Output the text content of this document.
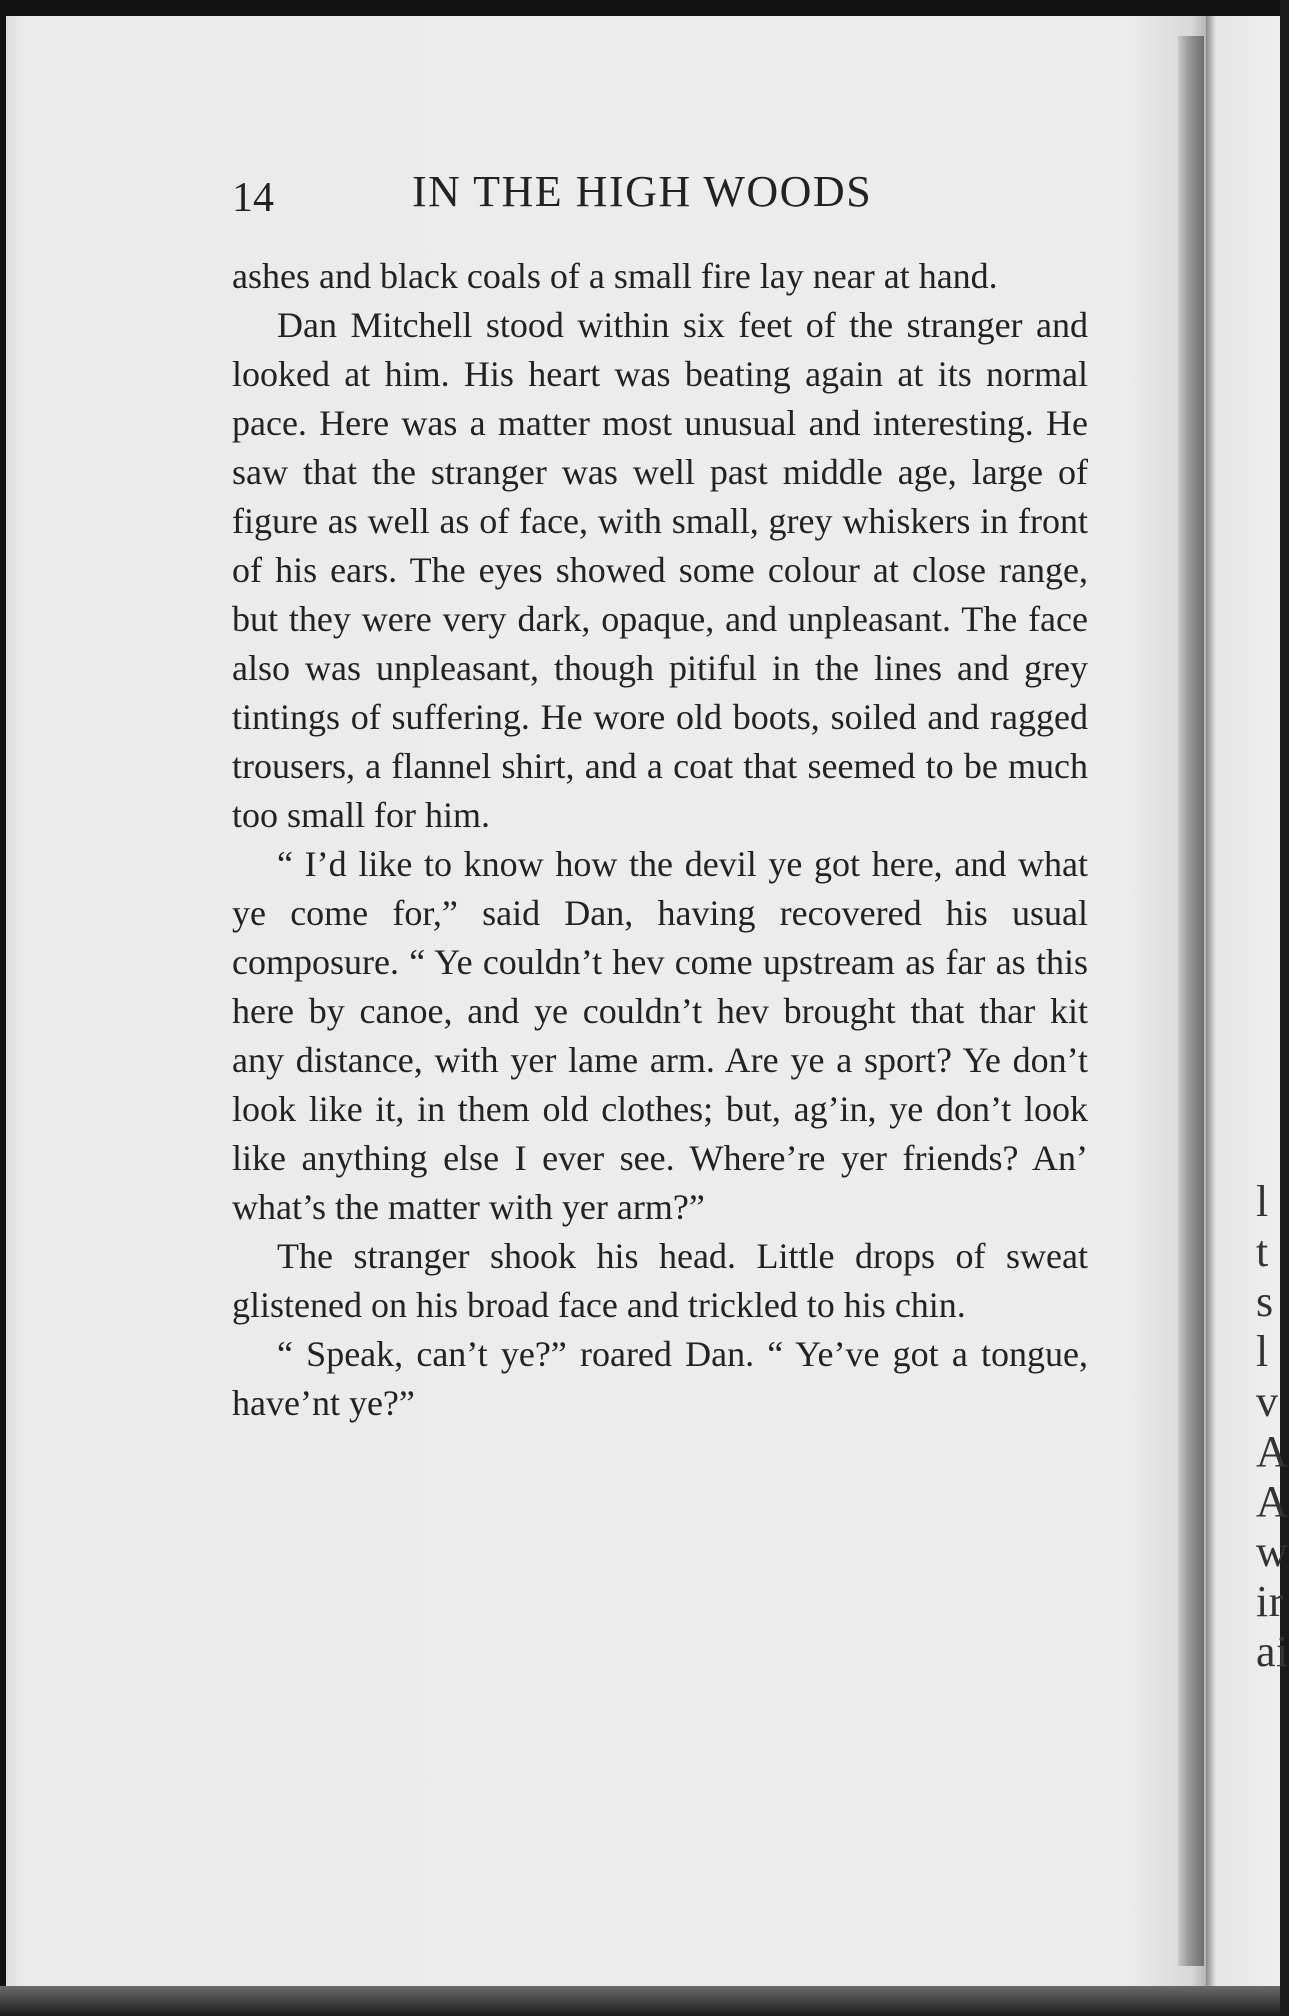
l
t
s
l
v
A
A
w
ir
ai
14	IN THE HIGH WOODS

ashes and black coals of a small fire lay near at hand.

Dan Mitchell stood within six feet of the stranger and looked at him. His heart was beating again at its normal pace. Here was a matter most unusual and interesting. He saw that the stranger was well past middle age, large of figure as well as of face, with small, grey whiskers in front of his ears. The eyes showed some colour at close range, but they were very dark, opaque, and unpleasant. The face also was unpleasant, though pitiful in the lines and grey tintings of suffering. He wore old boots, soiled and ragged trousers, a flannel shirt, and a coat that seemed to be much too small for him.

“ I’d like to know how the devil ye got here, and what ye come for,” said Dan, having recovered his usual composure. “ Ye couldn’t hev come upstream as far as this here by canoe, and ye couldn’t hev brought that thar kit any distance, with yer lame arm. Are ye a sport? Ye don’t look like it, in them old clothes; but, ag’in, ye don’t look like anything else I ever see. Where’re yer friends? An’ what’s the matter with yer arm?”

The stranger shook his head. Little drops of sweat glistened on his broad face and trickled to his chin.

“ Speak, can’t ye?” roared Dan. “ Ye’ve got a tongue, have’nt ye?”
